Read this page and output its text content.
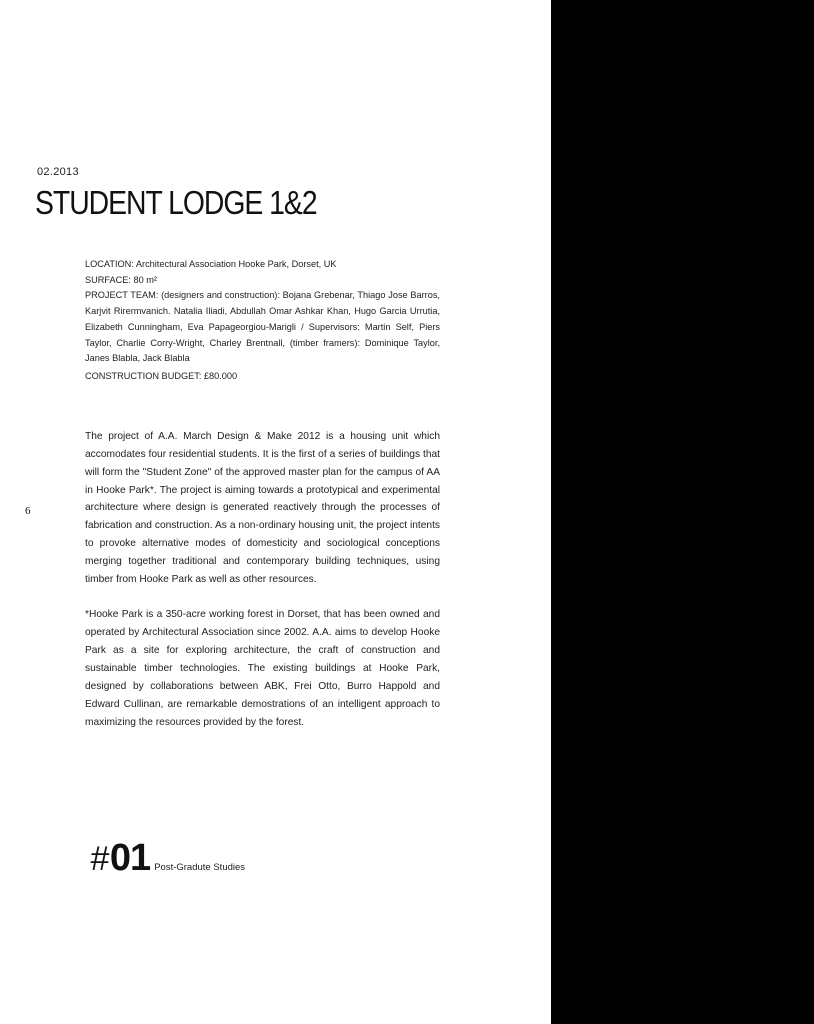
02.2013
STUDENT LODGE 1&2

LOCATION: Architectural Association Hooke Park, Dorset, UK

SURFACE: 80 m²

PROJECT TEAM: (designers and construction): Bojana Grebenar, Thiago Jose Barros, Karjvit Rirermvanich. Natalia Iliadi, Abdullah Omar Ashkar Khan, Hugo Garcia Urrutia, Elizabeth Cunningham, Eva Papageorgiou-Marigli / Supervisors: Martin Self, Piers Taylor, Charlie Corry-Wright, Charley Brentnall, (timber framers): Dominique Taylor, Janes Blabla, Jack Blabla

CONSTRUCTION BUDGET: £80.000

The project of A.A. March Design & Make 2012 is a housing unit which accomodates four residential students. It is the first of a series of buildings that will form the "Student Zone" of the approved master plan for the campus of AA in Hooke Park*. The project is aiming towards a prototypical and experimental architecture where design is generated reactively through the processes of fabrication and construction. As a non-ordinary housing unit, the project intents to provoke alternative modes of domesticity and sociological conceptions merging together traditional and contemporary building techniques, using timber from Hooke Park as well as other resources.

*Hooke Park is a 350-acre working forest in Dorset, that has been owned and operated by Architectural Association since 2002. A.A. aims to develop Hooke Park as a site for exploring architecture, the craft of construction and sustainable timber technologies. The existing buildings at Hooke Park, designed by collaborations between ABK, Frei Otto, Burro Happold and Edward Cullinan, are remarkable demostrations of an intelligent approach to maximizing the resources provided by the forest.

6
# 01 Post-Gradute Studies
